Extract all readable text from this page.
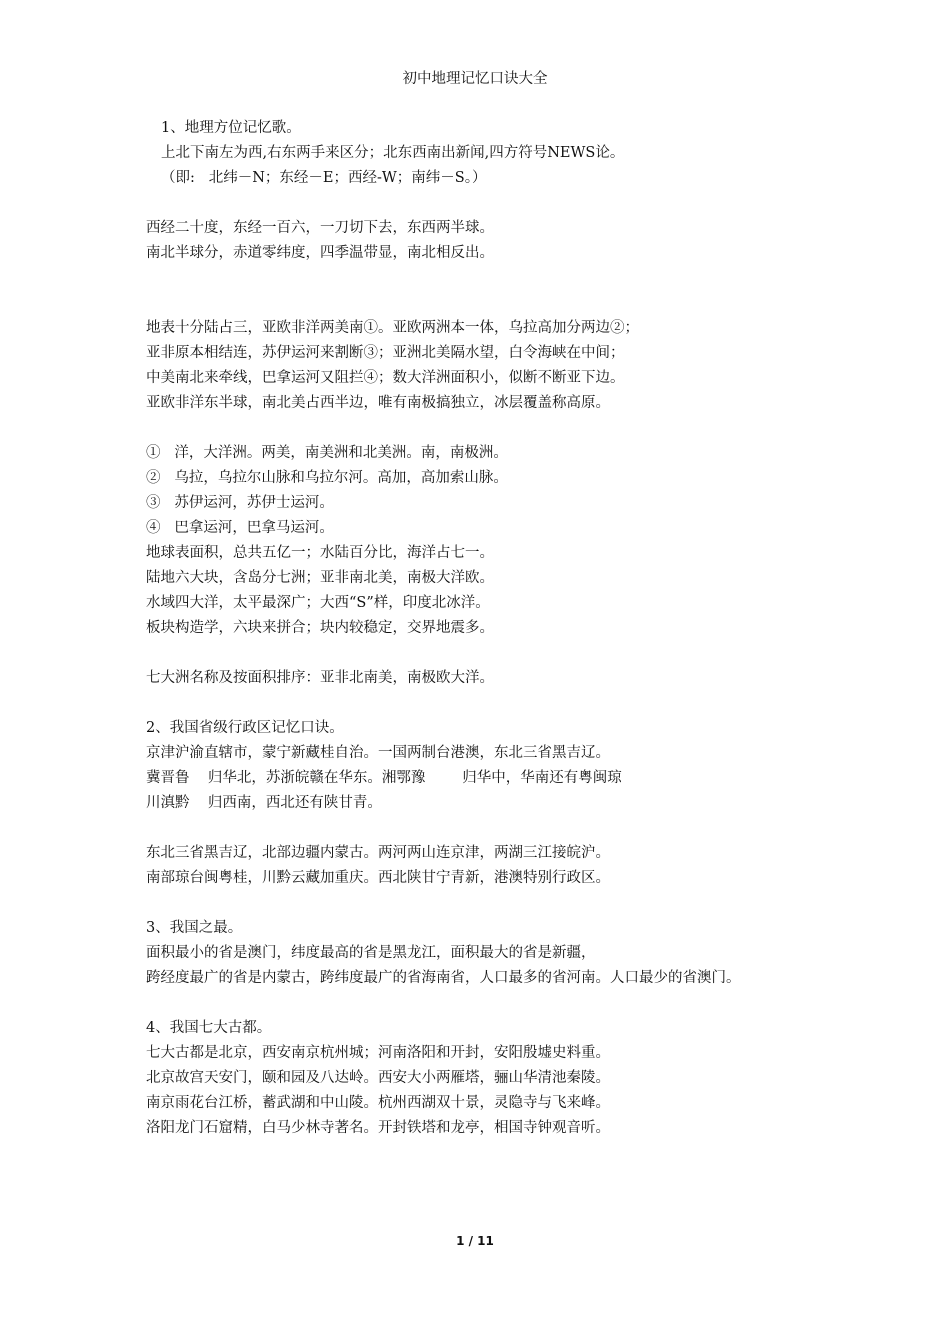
初中地理记忆口诀大全
1、地理方位记忆歌。
上北下南左为西,右东两手来区分；北东西南出新闻,四方符号NEWS论。
（即:   北纬－N；东经－E；西经-W；南纬－S。）
西经二十度，东经一百六，一刀切下去，东西两半球。
南北半球分，赤道零纬度，四季温带显，南北相反出。
地表十分陆占三，亚欧非洋两美南①。亚欧两洲本一体，乌拉高加分两边②；
亚非原本相结连，苏伊运河来割断③；亚洲北美隔水望，白令海峡在中间；
中美南北来牵线，巴拿运河又阻拦④；数大洋洲面积小，似断不断亚下边。
亚欧非洋东半球，南北美占西半边，唯有南极搞独立，冰层覆盖称高原。
①   洋，大洋洲。两美，南美洲和北美洲。南，南极洲。
②   乌拉，乌拉尔山脉和乌拉尔河。高加，高加索山脉。
③   苏伊运河，苏伊士运河。
④   巴拿运河，巴拿马运河。
地球表面积，总共五亿一；水陆百分比，海洋占七一。
陆地六大块，含岛分七洲；亚非南北美，南极大洋欧。
水域四大洋，太平最深广；大西“S”样，印度北冰洋。
板块构造学，六块来拼合；块内较稳定，交界地震多。
七大洲名称及按面积排序：亚非北南美，南极欧大洋。
2、我国省级行政区记忆口诀。
京津沪渝直辖市，蒙宁新藏桂自治。一国两制台港澳，东北三省黑吉辽。
冀晋鲁    归华北，苏浙皖赣在华东。湘鄂豫        归华中，华南还有粤闽琼
川滇黔    归西南，西北还有陕甘青。
东北三省黑吉辽，北部边疆内蒙古。两河两山连京津，两湖三江接皖沪。
南部琼台闽粤桂，川黔云藏加重庆。西北陕甘宁青新，港澳特别行政区。
3、我国之最。
面积最小的省是澳门，纬度最高的省是黑龙江，面积最大的省是新疆，
跨经度最广的省是内蒙古，跨纬度最广的省海南省，人口最多的省河南。人口最少的省澳门。
4、我国七大古都。
七大古都是北京，西安南京杭州城；河南洛阳和开封，安阳殷墟史料重。
北京故宫天安门，颐和园及八达岭。西安大小两雁塔，骊山华清池秦陵。
南京雨花台江桥，蓄武湖和中山陵。杭州西湖双十景，灵隐寺与飞来峰。
洛阳龙门石窟精，白马少林寺著名。开封铁塔和龙亭，相国寺钟观音听。
1 / 11
